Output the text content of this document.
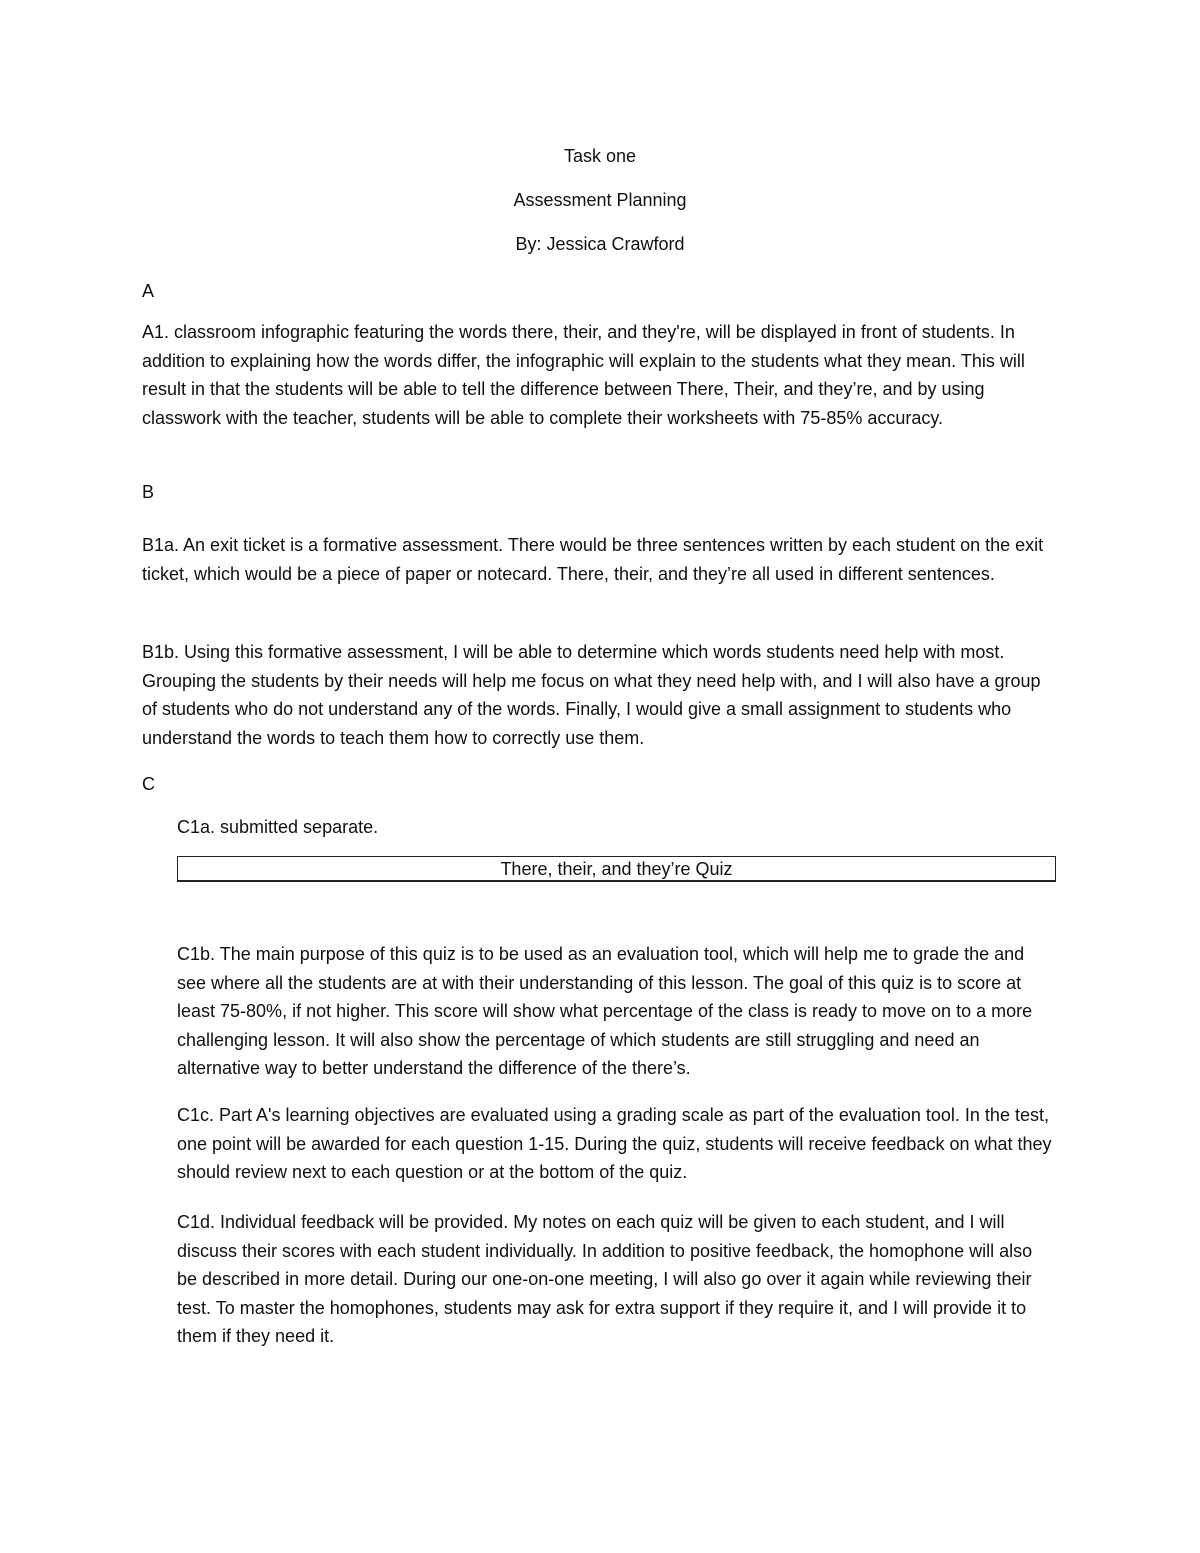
Task one

Assessment Planning

By: Jessica Crawford

A

A1. classroom infographic featuring the words there, their, and they're, will be displayed in front of students. In addition to explaining how the words differ, the infographic will explain to the students what they mean. This will result in that the students will be able to tell the difference between There, Their, and they’re, and by using classwork with the teacher, students will be able to complete their worksheets with 75-85% accuracy.

B

B1a. An exit ticket is a formative assessment. There would be three sentences written by each student on the exit ticket, which would be a piece of paper or notecard. There, their, and they’re all used in different sentences.

B1b. Using this formative assessment, I will be able to determine which words students need help with most. Grouping the students by their needs will help me focus on what they need help with, and I will also have a group of students who do not understand any of the words. Finally, I would give a small assignment to students who understand the words to teach them how to correctly use them.

C

C1a. submitted separate.

There, their, and they’re Quiz

C1b. The main purpose of this quiz is to be used as an evaluation tool, which will help me to grade the and see where all the students are at with their understanding of this lesson. The goal of this quiz is to score at least 75-80%, if not higher. This score will show what percentage of the class is ready to move on to a more challenging lesson. It will also show the percentage of which students are still struggling and need an alternative way to better understand the difference of the there’s.

C1c. Part A's learning objectives are evaluated using a grading scale as part of the evaluation tool. In the test, one point will be awarded for each question 1-15. During the quiz, students will receive feedback on what they should review next to each question or at the bottom of the quiz.

C1d. Individual feedback will be provided. My notes on each quiz will be given to each student, and I will discuss their scores with each student individually. In addition to positive feedback, the homophone will also be described in more detail. During our one-on-one meeting, I will also go over it again while reviewing their test. To master the homophones, students may ask for extra support if they require it, and I will provide it to them if they need it.
